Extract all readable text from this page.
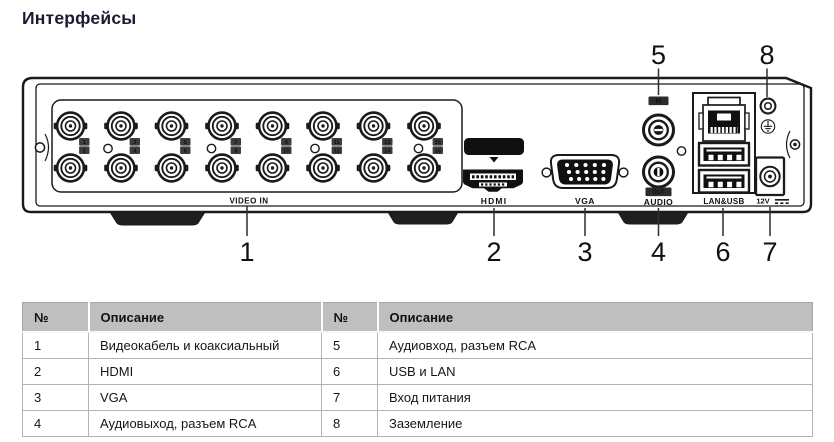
Интерфейсы
1
2
3
4
5
6
7
8
9
10
11
12
13
14
15
16
VIDEO IN
HDMI TM
HDMI	VGA
IN
OUT
AUDIO	LAN&USB 12V
5	8
1	2	3 4 6 7
№	Описание	№	Описание
1	Видеокабель и коаксиальный	5	Аудиовход, разъем RCA
2	HDMI	6	USB и LAN
3	VGA	7	Вход питания
4	Аудиовыход, разъем RCA	8	Заземление
